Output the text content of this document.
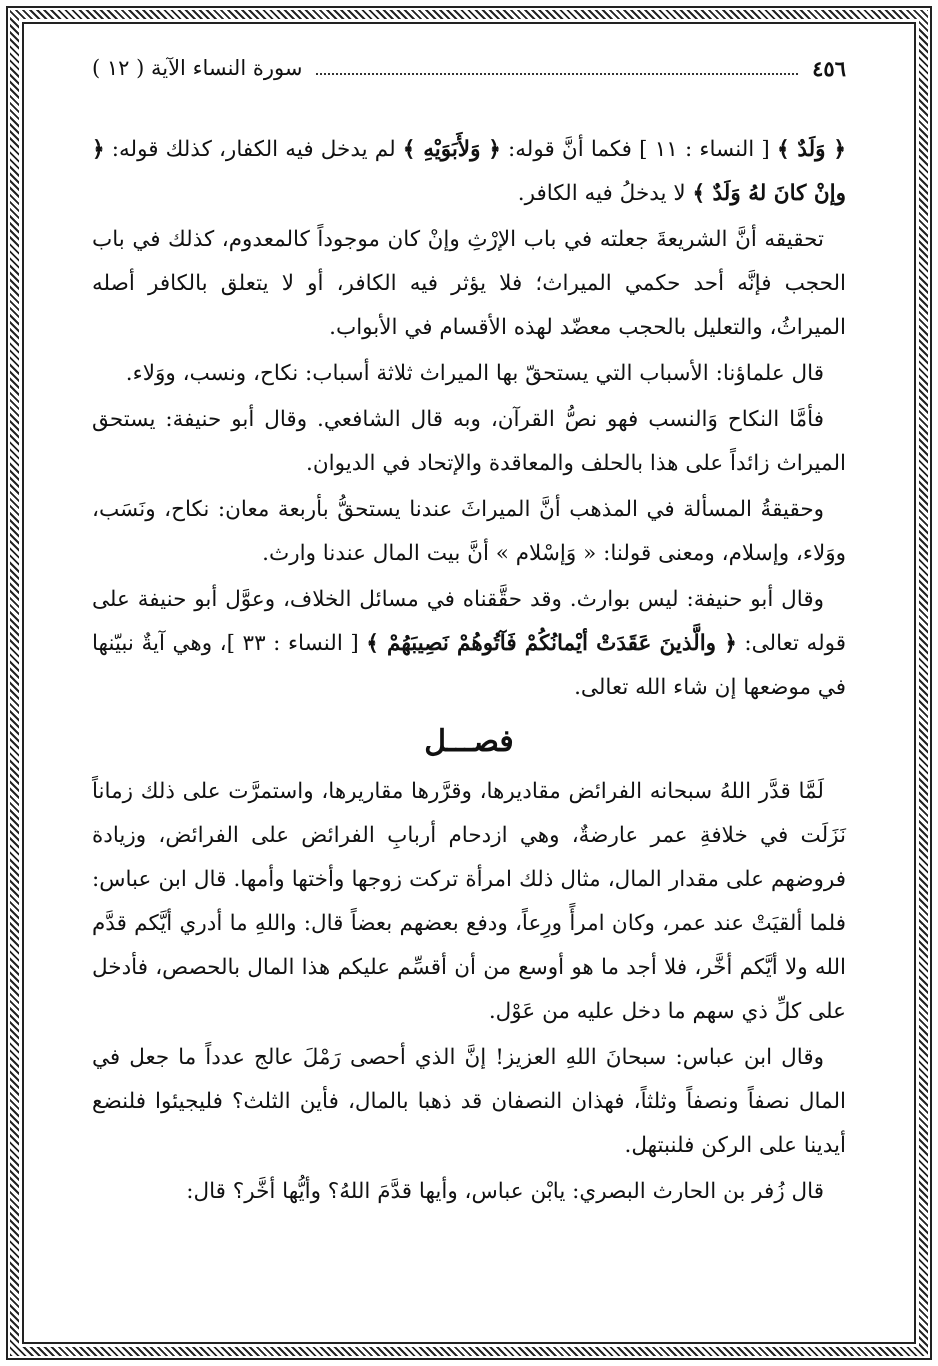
٤٥٦
سورة النساء الآية ( ١٢ )

﴿ وَلَدٌ ﴾ [ النساء : ١١ ] فكما أنَّ قوله: ﴿ وَلأَبَوَيْهِ ﴾ لم يدخل فيه الكفار، كذلك قوله: ﴿ وإنْ كانَ لهُ وَلَدٌ ﴾ لا يدخلُ فيه الكافر.

تحقيقه أنَّ الشريعةَ جعلته في باب الإرْثِ وإنْ كان موجوداً كالمعدوم، كذلك في باب الحجب فإنَّه أحد حكمي الميراث؛ فلا يؤثر فيه الكافر، أو لا يتعلق بالكافر أصله الميراثُ، والتعليل بالحجب معضّد لهذه الأقسام في الأبواب.

قال علماؤنا: الأسباب التي يستحقّ بها الميراث ثلاثة أسباب: نكاح، ونسب، ووَلاء.

فأمَّا النكاح وَالنسب فهو نصُّ القرآن، وبه قال الشافعي. وقال أبو حنيفة: يستحق الميراث زائداً على هذا بالحلف والمعاقدة والإتحاد في الديوان.

وحقيقةُ المسألة في المذهب أنَّ الميراثَ عندنا يستحقُّ بأربعة معان: نكاح، ونَسَب، ووَلاء، وإسلام، ومعنى قولنا: « وَإسْلام » أنَّ بيت المال عندنا وارث.

وقال أبو حنيفة: ليس بوارث. وقد حقَّقناه في مسائل الخلاف، وعوَّل أبو حنيفة على قوله تعالى: ﴿ والَّذينَ عَقَدَتْ أيْمانُكُمْ فَآتُوهُمْ نَصِيبَهُمْ ﴾ [ النساء : ٣٣ ]، وهي آيةٌ نبيّنها في موضعها إن شاء الله تعالى.

فصـــل

لَمَّا قدَّر اللهُ سبحانه الفرائض مقاديرها، وقرَّرها مقاريرها، واستمرَّت على ذلك زماناً نَزَلَت في خلافةِ عمر عارضةٌ، وهي ازدحام أربابِ الفرائض على الفرائض، وزيادة فروضهم على مقدار المال، مثال ذلك امرأة تركت زوجها وأختها وأمها. قال ابن عباس: فلما ألقيَتْ عند عمر، وكان امرأً ورِعاً، ودفع بعضهم بعضاً قال: واللهِ ما أدري أيَّكم قدَّم الله ولا أيَّكم أخَّر، فلا أجد ما هو أوسع من أن أقسِّم عليكم هذا المال بالحصص، فأدخل على كلِّ ذي سهم ما دخل عليه من عَوْل.

وقال ابن عباس: سبحانَ اللهِ العزيز! إنَّ الذي أحصى رَمْلَ عالج عدداً ما جعل في المال نصفاً ونصفاً وثلثاً، فهذان النصفان قد ذهبا بالمال، فأين الثلث؟ فليجيئوا فلنضع أيدينا على الركن فلنبتهل.

قال زُفر بن الحارث البصري: يابْن عباس، وأيها قدَّمَ اللهُ؟ وأيُّها أخَّر؟ قال:
